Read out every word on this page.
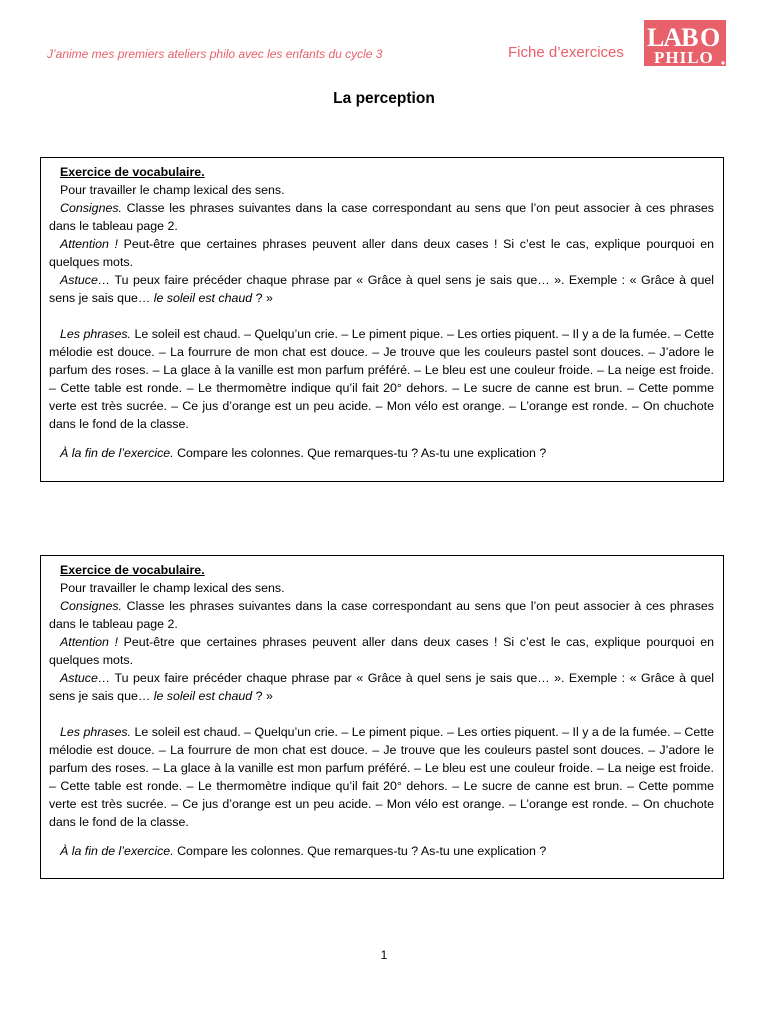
J’anime mes premiers ateliers philo avec les enfants du cycle 3	Fiche d’exercices
LAB O
PHILO
La perception

Exercice de vocabulaire.

Pour travailler le champ lexical des sens.

Consignes. Classe les phrases suivantes dans la case correspondant au sens que l’on peut associer à ces phrases dans le tableau page 2.

Attention ! Peut-être que certaines phrases peuvent aller dans deux cases ! Si c’est le cas, explique pourquoi en quelques mots.

Astuce… Tu peux faire précéder chaque phrase par « Grâce à quel sens je sais que… ». Exemple : « Grâce à quel sens je sais que… le soleil est chaud ? »

Les phrases. Le soleil est chaud. – Quelqu’un crie. – Le piment pique. – Les orties piquent. – Il y a de la fumée. – Cette mélodie est douce. – La fourrure de mon chat est douce. – Je trouve que les couleurs pastel sont douces. – J’adore le parfum des roses. – La glace à la vanille est mon parfum préféré. – Le bleu est une couleur froide. – La neige est froide. – Cette table est ronde. – Le thermomètre indique qu’il fait 20° dehors. – Le sucre de canne est brun. – Cette pomme verte est très sucrée. – Ce jus d’orange est un peu acide. – Mon vélo est orange. – L’orange est ronde. – On chuchote dans le fond de la classe.

À la fin de l’exercice. Compare les colonnes. Que remarques-tu ? As-tu une explication ?

Exercice de vocabulaire.

Pour travailler le champ lexical des sens.

Consignes. Classe les phrases suivantes dans la case correspondant au sens que l’on peut associer à ces phrases dans le tableau page 2.

Attention ! Peut-être que certaines phrases peuvent aller dans deux cases ! Si c’est le cas, explique pourquoi en quelques mots.

Astuce… Tu peux faire précéder chaque phrase par « Grâce à quel sens je sais que… ». Exemple : « Grâce à quel sens je sais que… le soleil est chaud ? »

Les phrases. Le soleil est chaud. – Quelqu’un crie. – Le piment pique. – Les orties piquent. – Il y a de la fumée. – Cette mélodie est douce. – La fourrure de mon chat est douce. – Je trouve que les couleurs pastel sont douces. – J’adore le parfum des roses. – La glace à la vanille est mon parfum préféré. – Le bleu est une couleur froide. – La neige est froide. – Cette table est ronde. – Le thermomètre indique qu’il fait 20° dehors. – Le sucre de canne est brun. – Cette pomme verte est très sucrée. – Ce jus d’orange est un peu acide. – Mon vélo est orange. – L’orange est ronde. – On chuchote dans le fond de la classe.

À la fin de l’exercice. Compare les colonnes. Que remarques-tu ? As-tu une explication ?

1
